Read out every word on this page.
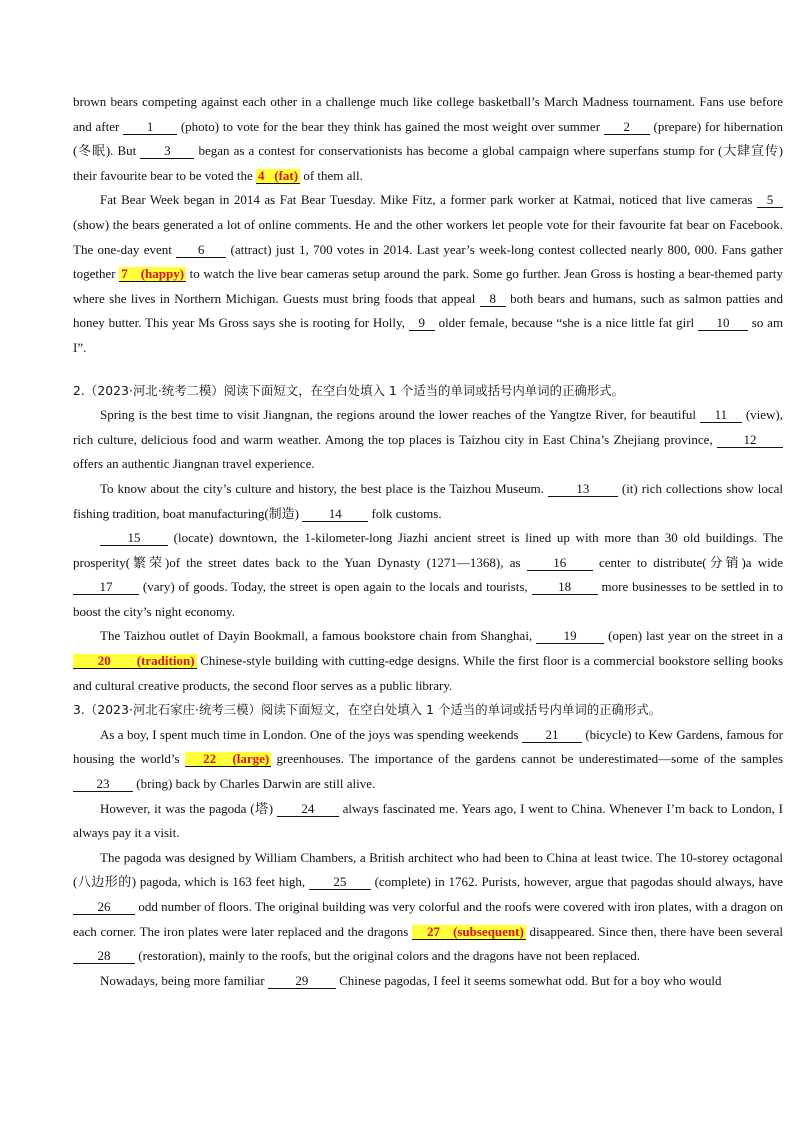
brown bears competing against each other in a challenge much like college basketball’s March Madness tournament. Fans use before and after 1 (photo) to vote for the bear they think has gained the most weight over summer 2 (prepare) for hibernation (冬眠). But 3 began as a contest for conservationists has become a global campaign where superfans stump for (大肆宣传) their favourite bear to be voted the 4 (fat) of them all.

Fat Bear Week began in 2014 as Fat Bear Tuesday. Mike Fitz, a former park worker at Katmai, noticed that live cameras 5 (show) the bears generated a lot of online comments. He and the other workers let people vote for their favourite fat bear on Facebook. The one-day event 6 (attract) just 1, 700 votes in 2014. Last year’s week-long contest collected nearly 800, 000. Fans gather together 7 (happy) to watch the live bear cameras setup around the park. Some go further. Jean Gross is hosting a bear-themed party where she lives in Northern Michigan. Guests must bring foods that appeal 8 both bears and humans, such as salmon patties and honey butter. This year Ms Gross says she is rooting for Holly, 9 older female, because “she is a nice little fat girl 10 so am I”.

2.（2023·河北·统考二模）阅读下面短文，在空白处填入 1 个适当的单词或括号内单词的正确形式。

Spring is the best time to visit Jiangnan, the regions around the lower reaches of the Yangtze River, for beautiful 11 (view), rich culture, delicious food and warm weather. Among the top places is Taizhou city in East China’s Zhejiang province, 12 offers an authentic Jiangnan travel experience.

To know about the city’s culture and history, the best place is the Taizhou Museum.	13	(it) rich collections show local fishing tradition, boat manufacturing(制造) 14 folk customs.

15	(locate) downtown, the 1-kilometer-long Jiazhi ancient street is lined up with more than 30 old buildings. The prosperity(繁荣)of the street dates back to the Yuan Dynasty (1271—1368), as	16	center to distribute(分销)a wide 17 (vary) of goods. Today, the street is open again to the locals and tourists, 18 more businesses to be settled in to boost the city’s night economy.

The Taizhou outlet of Dayin Bookmall, a famous bookstore chain from Shanghai, 19 (open) last year on the street in a        20 (tradition) Chinese-style building with cutting-edge designs. While the first floor is a commercial bookstore selling books and cultural creative products, the second floor serves as a public library.

3.（2023·河北石家庄·统考三模）阅读下面短文，在空白处填入 1 个适当的单词或括号内单词的正确形式。

As a boy, I spent much time in London. One of the joys was spending weekends 21 (bicycle) to Kew Gardens, famous for housing the world’s 22 (large) greenhouses. The importance of the gardens cannot be underestimated—some of the samples 23 (bring) back by Charles Darwin are still alive.

However, it was the pagoda (塔) 24 always fascinated me. Years ago, I went to China. Whenever I’m back to London, I always pay it a visit.

The pagoda was designed by William Chambers, a British architect who had been to China at least twice. The 10-storey octagonal (八边形的) pagoda, which is 163 feet high, 25 (complete) in 1762. Purists, however, argue that pagodas should always, have 26 odd number of floors. The original building was very colorful and the roofs were covered with iron plates, with a dragon on each corner. The iron plates were later replaced and the dragons 27 (subsequent) disappeared. Since then, there have been several 28 (restoration), mainly to the roofs, but the original colors and the dragons have not been replaced.

Nowadays, being more familiar 29 Chinese pagodas, I feel it seems somewhat odd. But for a boy who would
